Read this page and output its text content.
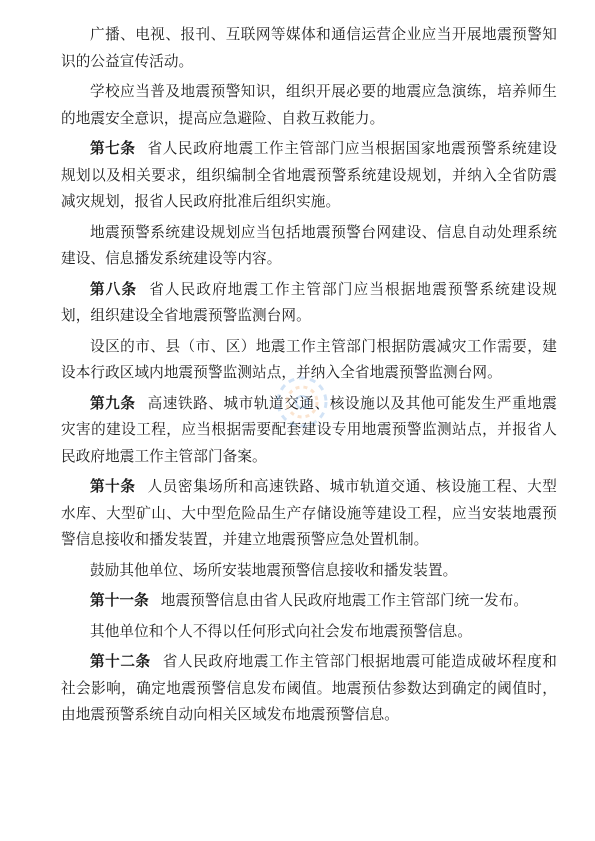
广播、电视、报刊、互联网等媒体和通信运营企业应当开展地震预警知识的公益宣传活动。

学校应当普及地震预警知识，组织开展必要的地震应急演练，培养师生的地震安全意识，提高应急避险、自救互救能力。

第七条 省人民政府地震工作主管部门应当根据国家地震预警系统建设规划以及相关要求，组织编制全省地震预警系统建设规划，并纳入全省防震减灾规划，报省人民政府批准后组织实施。

地震预警系统建设规划应当包括地震预警台网建设、信息自动处理系统建设、信息播发系统建设等内容。

第八条 省人民政府地震工作主管部门应当根据地震预警系统建设规划，组织建设全省地震预警监测台网。

设区的市、县（市、区）地震工作主管部门根据防震减灾工作需要，建设本行政区域内地震预警监测站点，并纳入全省地震预警监测台网。

第九条 高速铁路、城市轨道交通、核设施以及其他可能发生严重地震灾害的建设工程，应当根据需要配套建设专用地震预警监测站点，并报省人民政府地震工作主管部门备案。

第十条 人员密集场所和高速铁路、城市轨道交通、核设施工程、大型水库、大型矿山、大中型危险品生产存储设施等建设工程，应当安装地震预警信息接收和播发装置，并建立地震预警应急处置机制。

鼓励其他单位、场所安装地震预警信息接收和播发装置。

第十一条 地震预警信息由省人民政府地震工作主管部门统一发布。

其他单位和个人不得以任何形式向社会发布地震预警信息。

第十二条 省人民政府地震工作主管部门根据地震可能造成破坏程度和社会影响，确定地震预警信息发布阈值。地震预估参数达到确定的阈值时，由地震预警系统自动向相关区域发布地震预警信息。
